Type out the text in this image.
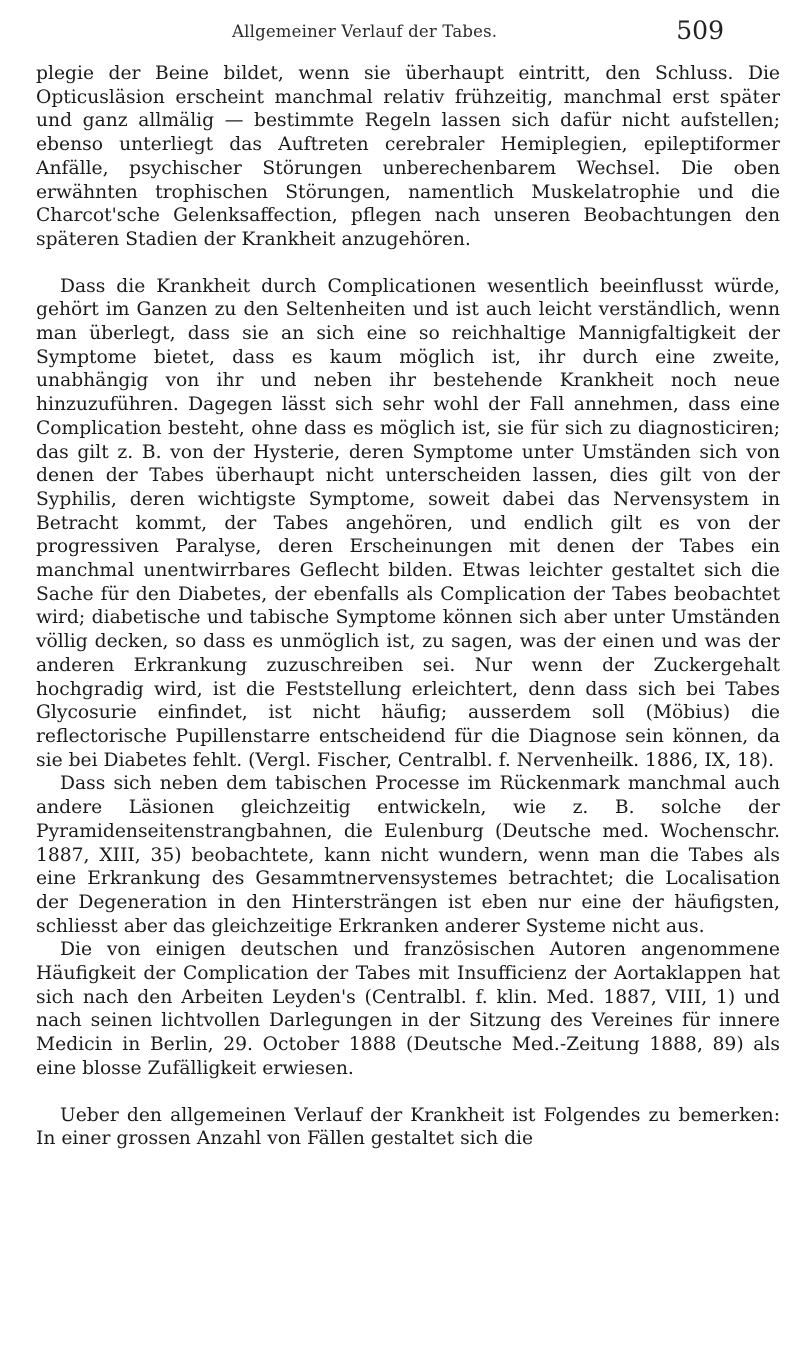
Allgemeiner Verlauf der Tabes.	509

plegie der Beine bildet, wenn sie überhaupt eintritt, den Schluss. Die Opticusläsion erscheint manchmal relativ frühzeitig, manchmal erst später und ganz allmälig — bestimmte Regeln lassen sich dafür nicht aufstellen; ebenso unterliegt das Auftreten cerebraler Hemiplegien, epileptiformer Anfälle, psychischer Störungen unberechenbarem Wechsel. Die oben erwähnten trophischen Störungen, namentlich Muskelatrophie und die Charcot'sche Gelenksaffection, pflegen nach unseren Beobachtungen den späteren Stadien der Krankheit anzugehören.

Dass die Krankheit durch Complicationen wesentlich beeinflusst würde, gehört im Ganzen zu den Seltenheiten und ist auch leicht verständlich, wenn man überlegt, dass sie an sich eine so reichhaltige Mannigfaltigkeit der Symptome bietet, dass es kaum möglich ist, ihr durch eine zweite, unabhängig von ihr und neben ihr bestehende Krankheit noch neue hinzuzuführen. Dagegen lässt sich sehr wohl der Fall annehmen, dass eine Complication besteht, ohne dass es möglich ist, sie für sich zu diagnosticiren; das gilt z. B. von der Hysterie, deren Symptome unter Umständen sich von denen der Tabes überhaupt nicht unterscheiden lassen, dies gilt von der Syphilis, deren wichtigste Symptome, soweit dabei das Nervensystem in Betracht kommt, der Tabes angehören, und endlich gilt es von der progressiven Paralyse, deren Erscheinungen mit denen der Tabes ein manchmal unentwirrbares Geflecht bilden. Etwas leichter gestaltet sich die Sache für den Diabetes, der ebenfalls als Complication der Tabes beobachtet wird; diabetische und tabische Symptome können sich aber unter Umständen völlig decken, so dass es unmöglich ist, zu sagen, was der einen und was der anderen Erkrankung zuzuschreiben sei. Nur wenn der Zuckergehalt hochgradig wird, ist die Feststellung erleichtert, denn dass sich bei Tabes Glycosurie einfindet, ist nicht häufig; ausserdem soll (Möbius) die reflectorische Pupillenstarre entscheidend für die Diagnose sein können, da sie bei Diabetes fehlt. (Vergl. Fischer, Centralbl. f. Nervenheilk. 1886, IX, 18).

Dass sich neben dem tabischen Processe im Rückenmark manchmal auch andere Läsionen gleichzeitig entwickeln, wie z. B. solche der Pyramidenseitenstrangbahnen, die Eulenburg (Deutsche med. Wochenschr. 1887, XIII, 35) beobachtete, kann nicht wundern, wenn man die Tabes als eine Erkrankung des Gesammtnervensystemes betrachtet; die Localisation der Degeneration in den Hintersträngen ist eben nur eine der häufigsten, schliesst aber das gleichzeitige Erkranken anderer Systeme nicht aus.

Die von einigen deutschen und französischen Autoren angenommene Häufigkeit der Complication der Tabes mit Insufficienz der Aortaklappen hat sich nach den Arbeiten Leyden's (Centralbl. f. klin. Med. 1887, VIII, 1) und nach seinen lichtvollen Darlegungen in der Sitzung des Vereines für innere Medicin in Berlin, 29. October 1888 (Deutsche Med.-Zeitung 1888, 89) als eine blosse Zufälligkeit erwiesen.

Ueber den allgemeinen Verlauf der Krankheit ist Folgendes zu bemerken: In einer grossen Anzahl von Fällen gestaltet sich die
